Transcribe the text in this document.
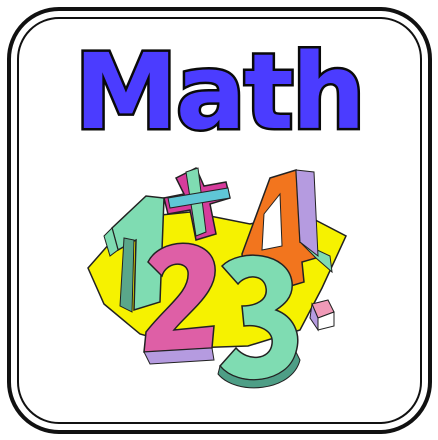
Math
